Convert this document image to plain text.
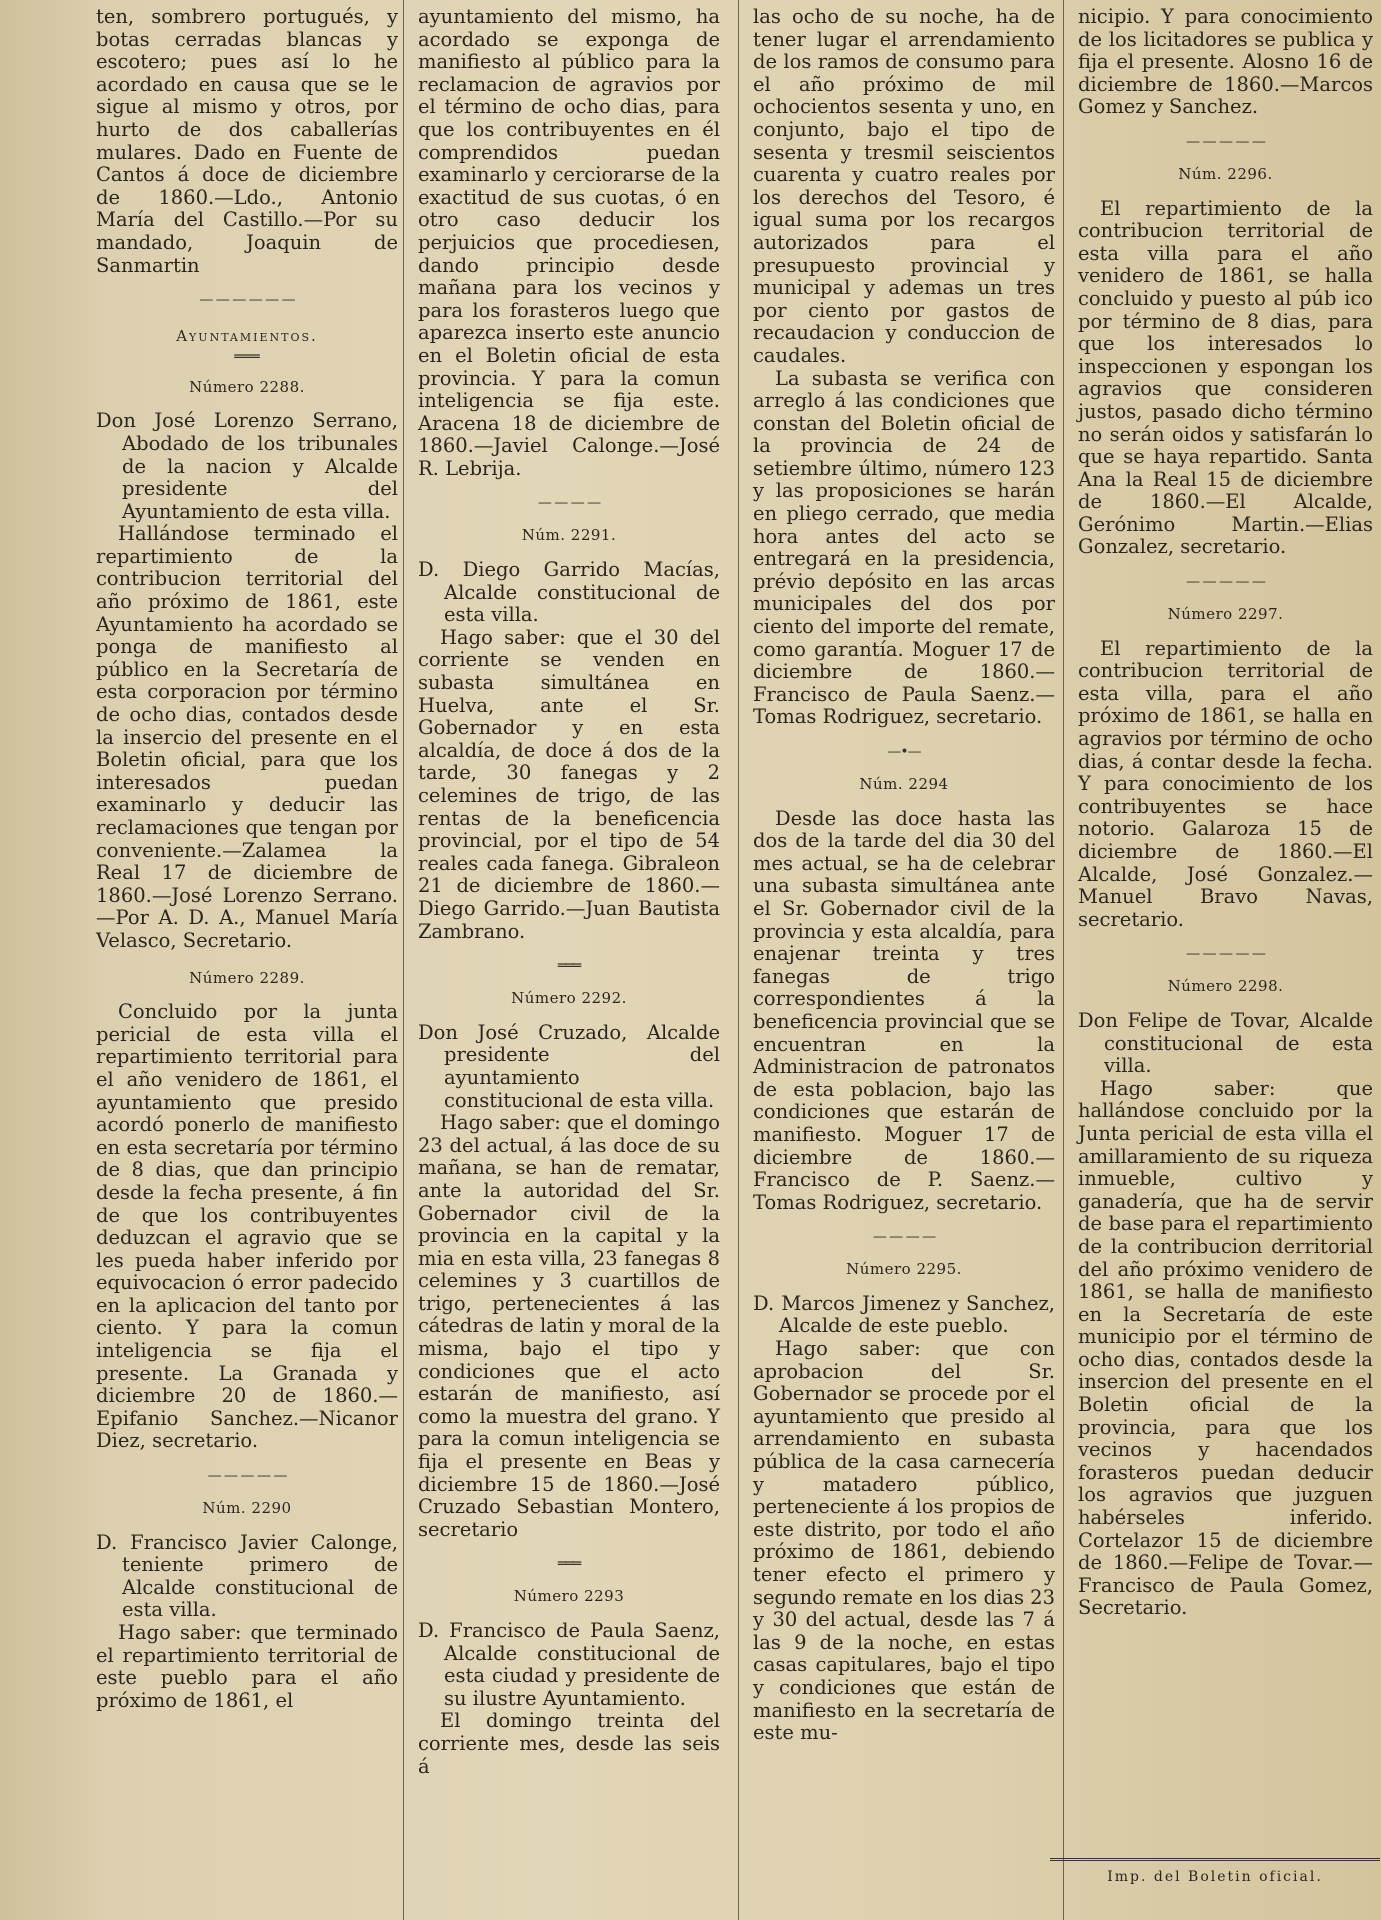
ten, sombrero portugués, y botas cerradas blancas y escotero; pues así lo he acordado en causa que se le sigue al mismo y otros, por hurto de dos caballerías mulares. Dado en Fuente de Cantos á doce de diciembre de 1860.—Ldo., Antonio María del Castillo.—Por su mandado, Joaquin de Sanmartin

— — — — — —
Ayuntamientos.
═══
Número 2288.

Don José Lorenzo Serrano, Abodado de los tribunales de la nacion y Alcalde presidente del Ayuntamiento de esta villa.

Hallándose terminado el repartimiento de la contribucion territorial del año próximo de 1861, este Ayuntamiento ha acordado se ponga de manifiesto al público en la Secretaría de esta corporacion por término de ocho dias, contados desde la insercio del presente en el Boletin oficial, para que los interesados puedan examinarlo y deducir las reclamaciones que tengan por conveniente.—Zalamea la Real 17 de diciembre de 1860.—José Lorenzo Serrano.—Por A. D. A., Manuel María Velasco, Secretario.

Número 2289.

Concluido por la junta pericial de esta villa el repartimiento territorial para el año venidero de 1861, el ayuntamiento que presido acordó ponerlo de manifiesto en esta secretaría por término de 8 dias, que dan principio desde la fecha presente, á fin de que los contribuyentes deduzcan el agravio que se les pueda haber inferido por equivocacion ó error padecido en la aplicacion del tanto por ciento. Y para la comun inteligencia se fija el presente. La Granada y diciembre 20 de 1860.—Epifanio Sanchez.—Nicanor Diez, secretario.

— — — — —
Núm. 2290

D. Francisco Javier Calonge, teniente primero de Alcalde constitucional de esta villa.

Hago saber: que terminado el repartimiento territorial de este pueblo para el año próximo de 1861, el

ayuntamiento del mismo, ha acordado se exponga de manifiesto al público para la reclamacion de agravios por el término de ocho dias, para que los contribuyentes en él comprendidos puedan examinarlo y cerciorarse de la exactitud de sus cuotas, ó en otro caso deducir los perjuicios que procediesen, dando principio desde mañana para los vecinos y para los forasteros luego que aparezca inserto este anuncio en el Boletin oficial de esta provincia. Y para la comun inteligencia se fija este. Aracena 18 de diciembre de 1860.—Javiel Calonge.—José R. Lebrija.

— — — —
Núm. 2291.

D. Diego Garrido Macías, Alcalde constitucional de esta villa.

Hago saber: que el 30 del corriente se venden en subasta simultánea en Huelva, ante el Sr. Gobernador y en esta alcaldía, de doce á dos de la tarde, 30 fanegas y 2 celemines de trigo, de las rentas de la beneficencia provincial, por el tipo de 54 reales cada fanega. Gibraleon 21 de diciembre de 1860.—Diego Garrido.—Juan Bautista Zambrano.

═══
Número 2292.

Don José Cruzado, Alcalde presidente del ayuntamiento constitucional de esta villa.

Hago saber: que el domingo 23 del actual, á las doce de su mañana, se han de rematar, ante la autoridad del Sr. Gobernador civil de la provincia en la capital y la mia en esta villa, 23 fanegas 8 celemines y 3 cuartillos de trigo, pertenecientes á las cátedras de latin y moral de la misma, bajo el tipo y condiciones que el acto estarán de manifiesto, así como la muestra del grano. Y para la comun inteligencia se fija el presente en Beas y diciembre 15 de 1860.—José Cruzado Sebastian Montero, secretario

═══
Número 2293

D. Francisco de Paula Saenz, Alcalde constitucional de esta ciudad y presidente de su ilustre Ayuntamiento.

El domingo treinta del corriente mes, desde las seis á

las ocho de su noche, ha de tener lugar el arrendamiento de los ramos de consumo para el año próximo de mil ochocientos sesenta y uno, en conjunto, bajo el tipo de sesenta y tresmil seiscientos cuarenta y cuatro reales por los derechos del Tesoro, é igual suma por los recargos autorizados para el presupuesto provincial y municipal y ademas un tres por ciento por gastos de recaudacion y conduccion de caudales.

La subasta se verifica con arreglo á las condiciones que constan del Boletin oficial de la provincia de 24 de setiembre último, número 123 y las proposiciones se harán en pliego cerrado, que media hora antes del acto se entregará en la presidencia, prévio depósito en las arcas municipales del dos por ciento del importe del remate, como garantía. Moguer 17 de diciembre de 1860.—Francisco de Paula Saenz.—Tomas Rodriguez, secretario.

—•—
Núm. 2294

Desde las doce hasta las dos de la tarde del dia 30 del mes actual, se ha de celebrar una subasta simultánea ante el Sr. Gobernador civil de la provincia y esta alcaldía, para enajenar treinta y tres fanegas de trigo correspondientes á la beneficencia provincial que se encuentran en la Administracion de patronatos de esta poblacion, bajo las condiciones que estarán de manifiesto. Moguer 17 de diciembre de 1860.—Francisco de P. Saenz.—Tomas Rodriguez, secretario.

— — — —
Número 2295.

D. Marcos Jimenez y Sanchez, Alcalde de este pueblo.

Hago saber: que con aprobacion del Sr. Gobernador se procede por el ayuntamiento que presido al arrendamiento en subasta pública de la casa carnecería y matadero público, perteneciente á los propios de este distrito, por todo el año próximo de 1861, debiendo tener efecto el primero y segundo remate en los dias 23 y 30 del actual, desde las 7 á las 9 de la noche, en estas casas capitulares, bajo el tipo y condiciones que están de manifiesto en la secretaría de este mu-

nicipio. Y para conocimiento de los licitadores se publica y fija el presente. Alosno 16 de diciembre de 1860.—Marcos Gomez y Sanchez.

— — — — —
Núm. 2296.

El repartimiento de la contribucion territorial de esta villa para el año venidero de 1861, se halla concluido y puesto al púb ico por término de 8 dias, para que los interesados lo inspeccionen y espongan los agravios que consideren justos, pasado dicho término no serán oidos y satisfarán lo que se haya repartido. Santa Ana la Real 15 de diciembre de 1860.—El Alcalde, Gerónimo Martin.—Elias Gonzalez, secretario.

— — — — —
Número 2297.

El repartimiento de la contribucion territorial de esta villa, para el año próximo de 1861, se halla en agravios por término de ocho dias, á contar desde la fecha. Y para conocimiento de los contribuyentes se hace notorio. Galaroza 15 de diciembre de 1860.—El Alcalde, José Gonzalez.—Manuel Bravo Navas, secretario.

— — — — —
Número 2298.

Don Felipe de Tovar, Alcalde constitucional de esta villa.

Hago saber: que hallándose concluido por la Junta pericial de esta villa el amillaramiento de su riqueza inmueble, cultivo y ganadería, que ha de servir de base para el repartimiento de la contribucion derritorial del año próximo venidero de 1861, se halla de manifiesto en la Secretaría de este municipio por el término de ocho dias, contados desde la insercion del presente en el Boletin oficial de la provincia, para que los vecinos y hacendados forasteros puedan deducir los agravios que juzguen habérseles inferido. Cortelazor 15 de diciembre de 1860.—Felipe de Tovar.—Francisco de Paula Gomez, Secretario.

Imp. del Boletin oficial.
